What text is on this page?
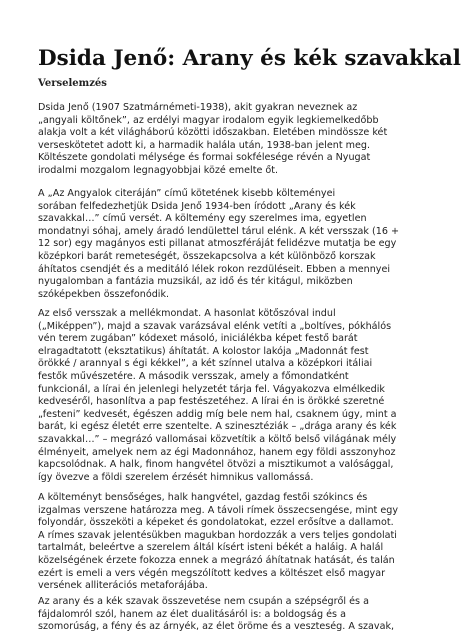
Dsida Jenő: Arany és kék szavakkal
Verselemzés
Dsida Jenő (1907 Szatmárnémeti-1938), akit gyakran neveznek az
„angyali költőnek”, az erdélyi magyar irodalom egyik legkiemelkedőbb
alakja volt a két világháború közötti időszakban. Életében mindössze két
verseskötetet adott ki, a harmadik halála után, 1938-ban jelent meg.
Költészete gondolati mélysége és formai sokfélesége révén a Nyugat
irodalmi mozgalom legnagyobbjai közé emelte őt.
A „Az Angyalok citeráján” című kötetének kisebb költeményei
sorában felfedezhetjük Dsida Jenő 1934-ben íródott „Arany és kék
szavakkal…” című versét. A költemény egy szerelmes ima, egyetlen
mondatnyi sóhaj, amely áradó lendülettel tárul elénk. A két versszak (16 +
12 sor) egy magányos esti pillanat atmoszféráját felidézve mutatja be egy
középkori barát remeteségét, összekapcsolva a két különböző korszak
áhítatos csendjét és a meditáló lélek rokon rezdüléseit. Ebben a mennyei
nyugalomban a fantázia muzsikál, az idő és tér kitágul, miközben
szóképekben összefonódik.
Az első versszak a mellékmondat. A hasonlat kötőszóval indul
(„Miképpen”), majd a szavak varázsával elénk vetíti a „boltíves, pókhálós
vén terem zugában” kódexet másoló, iniciálékba képet festő barát
elragadtatott (eksztatikus) áhítatát. A kolostor lakója „Madonnát fest
örökké / arannyal s égi kékkel”, a két színnel utalva a középkori itáliai
festők művészetére. A második versszak, amely a főmondatként
funkcionál, a lírai én jelenlegi helyzetét tárja fel. Vágyakozva elmélkedik
kedveséről, hasonlítva a pap festészetéhez. A lírai én is örökké szeretné
„festeni” kedvesét, égészen addig míg bele nem hal, csaknem úgy, mint a
barát, ki egész életét erre szentelte. A szinesztéziák – „drága arany és kék
szavakkal…” – megrázó vallomásai közvetítik a költő belső világának mély
élményeit, amelyek nem az égi Madonnához, hanem egy földi asszonyhoz
kapcsolódnak. A halk, finom hangvétel ötvözi a misztikumot a valósággal,
így övezve a földi szerelem érzését himnikus vallomássá.
A költeményt bensőséges, halk hangvétel, gazdag festői szókincs és
izgalmas verszene határozza meg. A távoli rímek összecsengése, mint egy
folyondár, összeköti a képeket és gondolatokat, ezzel erősítve a dallamot.
A rímes szavak jelentésükben magukban hordozzák a vers teljes gondolati
tartalmát, beleértve a szerelem áltál kísért isteni békét a haláig. A halál
közelségének érzete fokozza ennek a megrázó áhítatnak hatását, és talán
ezért is emeli a vers végén megszólított kedves a költészet első magyar
versének alliterációs metaforájába.
Az arany és a kék szavak összevetése nem csupán a szépségről és a
fájdalomról szól, hanem az élet dualitásáról is: a boldogság és a
szomorúság, a fény és az árnyék, az élet öröme és a veszteség. A szavak,
